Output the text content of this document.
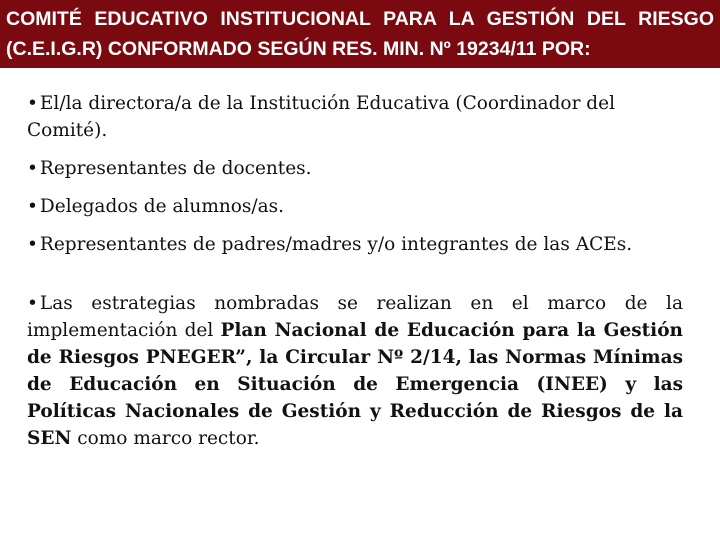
COMITÉ EDUCATIVO INSTITUCIONAL PARA LA GESTIÓN DEL RIESGO
(C.E.I.G.R) CONFORMADO SEGÚN RES. MIN. Nº 19234/11 POR:
• El/la directora/a de la Institución Educativa (Coordinador del Comité).
• Representantes de docentes.
• Delegados de alumnos/as.
• Representantes de padres/madres y/o integrantes de las ACEs.
• Las estrategias nombradas se realizan en el marco de la implementación del Plan Nacional de Educación para la Gestión de Riesgos PNEGER”, la Circular Nº 2/14, las Normas Mínimas de Educación en Situación de Emergencia (INEE) y las Políticas Nacionales de Gestión y Reducción de Riesgos de la SEN como marco rector.
